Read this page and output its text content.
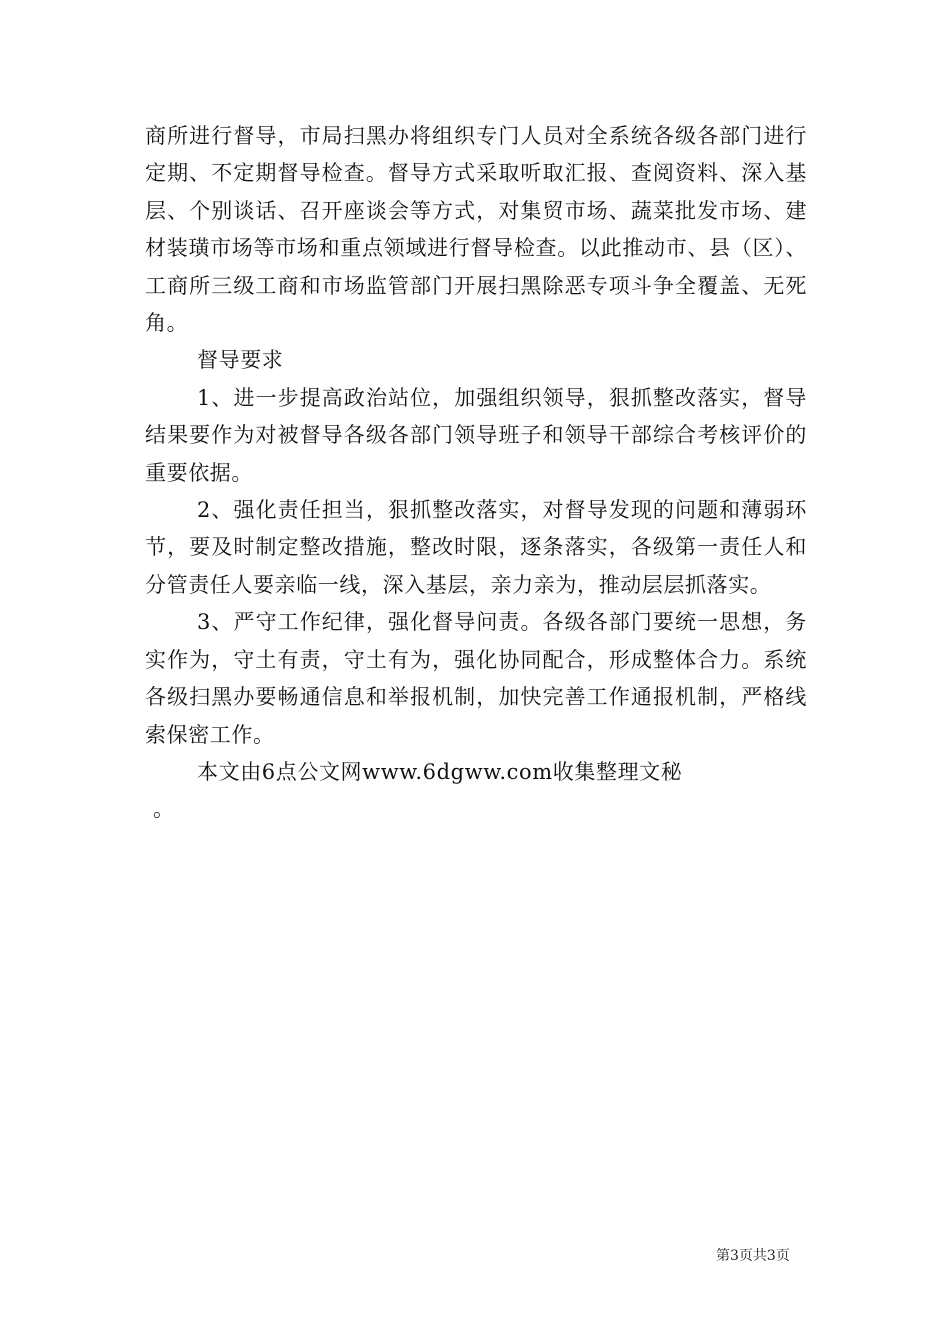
商所进行督导，市局扫黑办将组织专门人员对全系统各级各部门进行定期、不定期督导检查。督导方式采取听取汇报、查阅资料、深入基层、个别谈话、召开座谈会等方式，对集贸市场、蔬菜批发市场、建材装璜市场等市场和重点领域进行督导检查。以此推动市、县（区）、工商所三级工商和市场监管部门开展扫黑除恶专项斗争全覆盖、无死角。

督导要求

1、进一步提高政治站位，加强组织领导，狠抓整改落实，督导结果要作为对被督导各级各部门领导班子和领导干部综合考核评价的重要依据。

2、强化责任担当，狠抓整改落实，对督导发现的问题和薄弱环节，要及时制定整改措施，整改时限，逐条落实，各级第一责任人和分管责任人要亲临一线，深入基层，亲力亲为，推动层层抓落实。

3、严守工作纪律，强化督导问责。各级各部门要统一思想，务实作为，守土有责，守土有为，强化协同配合，形成整体合力。系统各级扫黑办要畅通信息和举报机制，加快完善工作通报机制，严格线索保密工作。

本文由6点公文网www.6dgww.com收集整理文秘

。

第3页共3页
